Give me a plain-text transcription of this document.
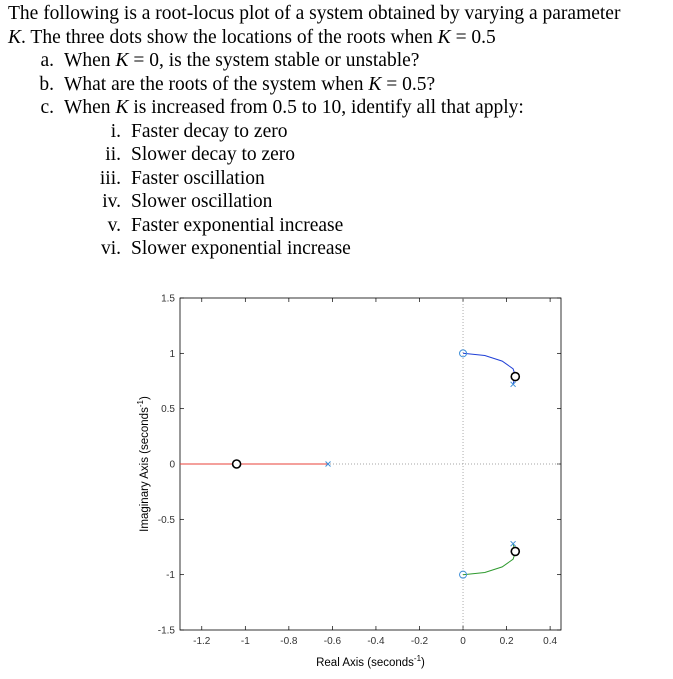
The following is a root-locus plot of a system obtained by varying a parameter

K. The three dots show the locations of the roots when K = 0.5

a. When K = 0, is the system stable or unstable?
b. What are the roots of the system when K = 0.5?
c. When K is increased from 0.5 to 10, identify all that apply:
i. Faster decay to zero
ii. Slower decay to zero
iii. Faster oscillation
iv. Slower oscillation
v. Faster exponential increase
vi. Slower exponential increase
-1.2	-1	-0.8	-0.6	-0.4	-0.2	0	0.2	0.4
1.5
1
0.5
0
-0.5
-1
-1.5
Real Axis (seconds$^{-1}$)
Imaginary Axis (seconds$^{-1}$)
